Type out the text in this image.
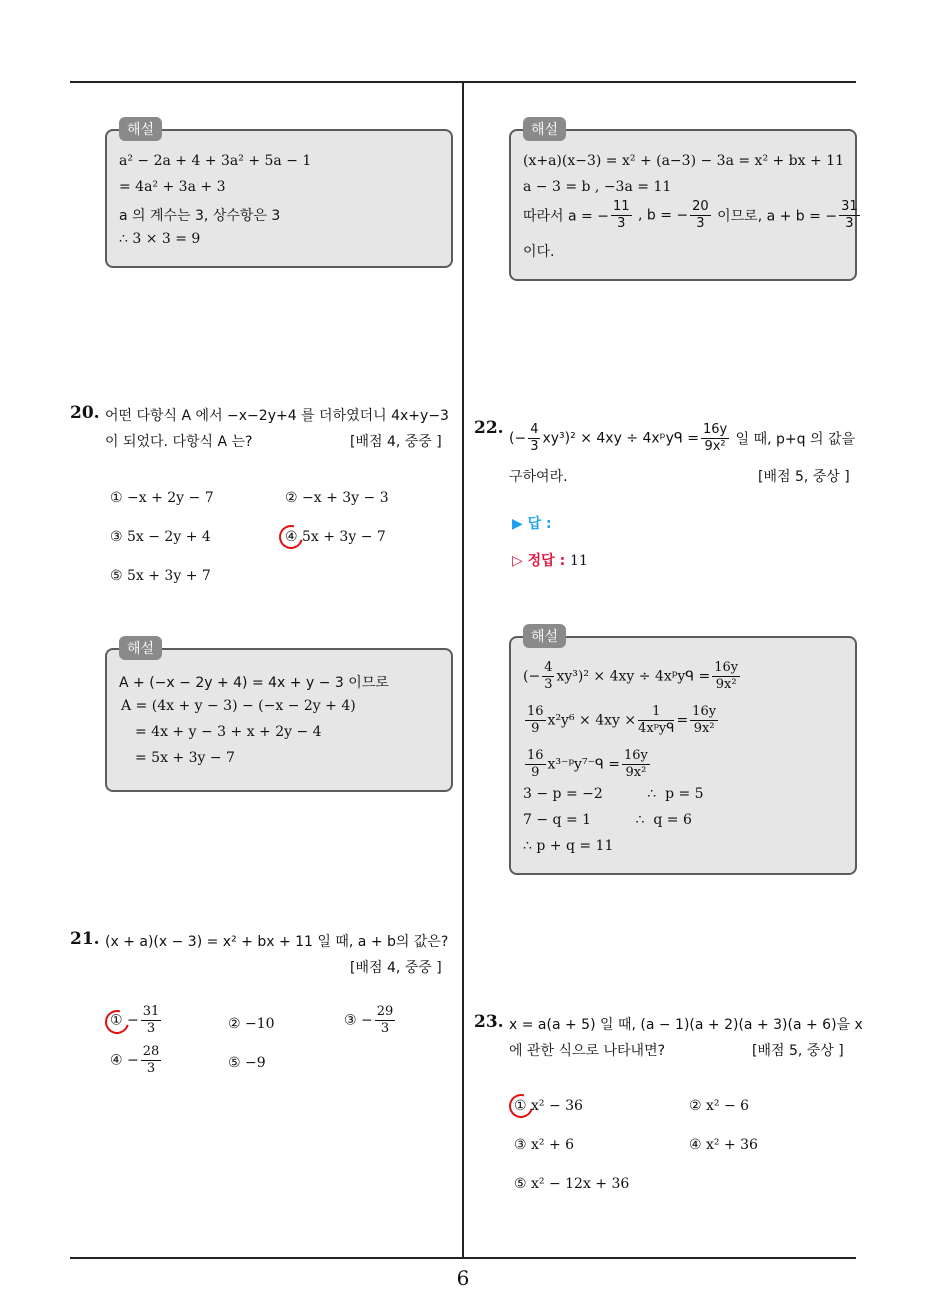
해설
a² − 2a + 4 + 3a² + 5a − 1
= 4a² + 3a + 3
a 의 계수는 3, 상수항은 3
∴ 3 × 3 = 9
20. 어떤 다항식 A 에서 −x−2y+4 를 더하였더니 4x+y−3
이 되었다. 다항식 A 는?	[배점 4, 중중 ]
① −x + 2y − 7	② −x + 3y − 3
③ 5x − 2y + 4	④ 5x + 3y − 7
⑤ 5x + 3y + 7
해설
A + (−x − 2y + 4) = 4x + y − 3 이므로
A = (4x + y − 3) − (−x − 2y + 4)
= 4x + y − 3 + x + 2y − 4
= 5x + 3y − 7
21. (x + a)(x − 3) = x² + bx + 11 일 때, a + b의 값은?
[배점 4, 중중 ]
① − $\frac{31}{3}$	② −10	③ − $\frac{29}{3}$
④ − $\frac{28}{3}$	⑤ −9
해설
(x+a)(x−3) = x² + (a−3) − 3a = x² + bx + 11
a − 3 = b , −3a = 11
따라서 a = − $\frac{11}{3}$ , b = − $\frac{20}{3}$ 이므로, a + b = − $\frac{31}{3}$
이다.
22.
(− $\frac{4}{3} xy^3)^2 \times 4xy$ ÷ 4xᵖyᑫ = $\frac{16y}{\text{9x²}}$ 일 때, p+q 의 값을
구하여라.	[배점 5, 중상 ]
▶ 답 :
▷ 정답 : 11
해설
(− $\frac{4}{3} xy^3)^2 \times 4xy$ ÷ 4xᵖyᑫ = $\frac{16y}{\text{9x²}}$
$\frac{16}{9} x^2y^6 \times 4xy \times \frac{1}{\text{4xᵖyᑫ}} = \frac{16y}{\text{9x²}}$
$\frac{16}{9}$ x³⁻ᵖy⁷⁻ᑫ = $\frac{16y}{\text{9x²}}$
3 − p = −2          ∴  p = 5
7 − q = 1          ∴  q = 6
∴ p + q = 11
23. x = a(a + 5) 일 때, (a − 1)(a + 2)(a + 3)(a + 6)을 x
에 관한 식으로 나타내면?	[배점 5, 중상 ]
① x² − 36	② x² − 6
③ x² + 6	④ x² + 36
⑤ x² − 12x + 36
6
